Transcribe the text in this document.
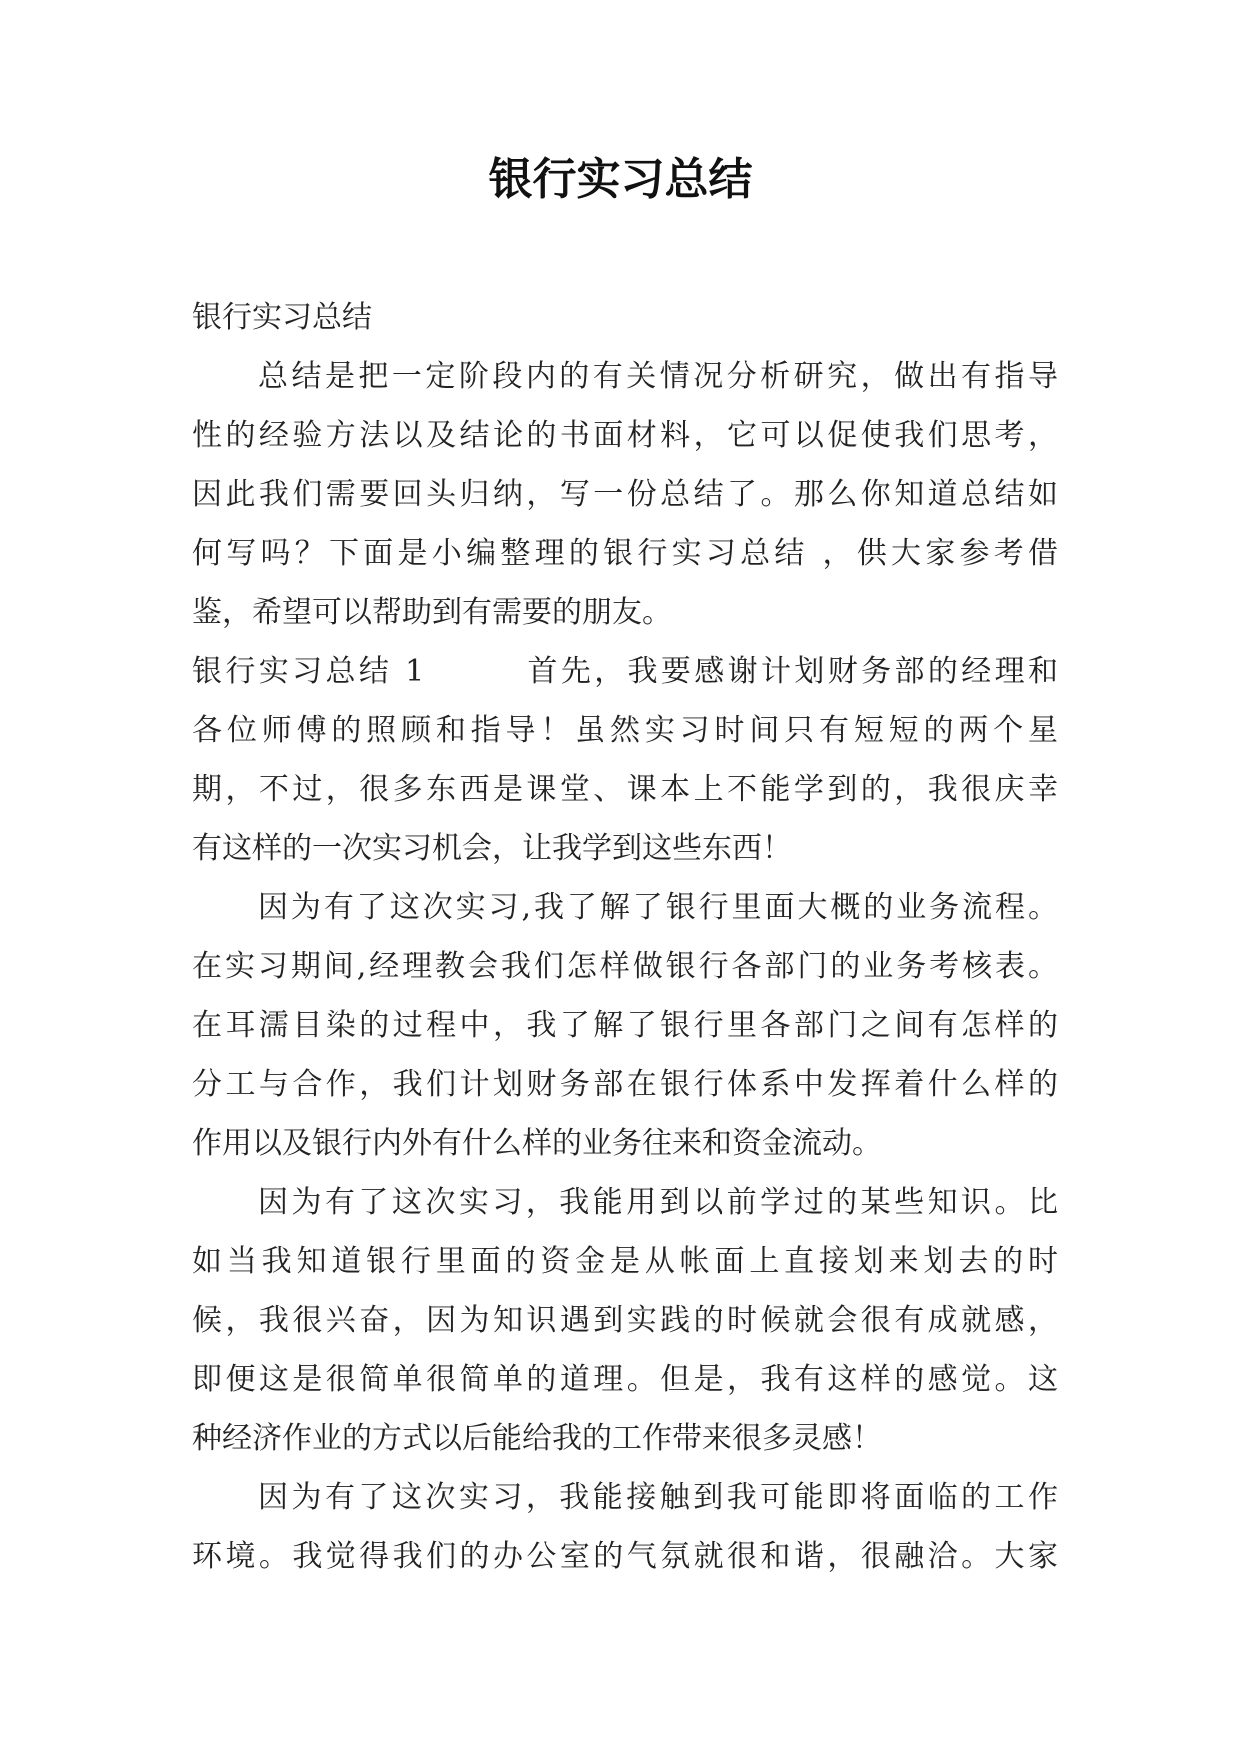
银行实习总结
银行实习总结
总结是把一定阶段内的有关情况分析研究，做出有指导
性的经验方法以及结论的书面材料，它可以促使我们思考，
因此我们需要回头归纳，写一份总结了。那么你知道总结如
何写吗？下面是小编整理的银行实习总结 ，供大家参考借
鉴，希望可以帮助到有需要的朋友。
银行实习总结 1        首先，我要感谢计划财务部的经理和
各位师傅的照顾和指导！虽然实习时间只有短短的两个星
期，不过，很多东西是课堂、课本上不能学到的，我很庆幸
有这样的一次实习机会，让我学到这些东西！
因为有了这次实习,我了解了银行里面大概的业务流程。
在实习期间,经理教会我们怎样做银行各部门的业务考核表。
在耳濡目染的过程中，我了解了银行里各部门之间有怎样的
分工与合作，我们计划财务部在银行体系中发挥着什么样的
作用以及银行内外有什么样的业务往来和资金流动。
因为有了这次实习，我能用到以前学过的某些知识。比
如当我知道银行里面的资金是从帐面上直接划来划去的时
候，我很兴奋，因为知识遇到实践的时候就会很有成就感，
即便这是很简单很简单的道理。但是，我有这样的感觉。这
种经济作业的方式以后能给我的工作带来很多灵感！
因为有了这次实习，我能接触到我可能即将面临的工作
环境。我觉得我们的办公室的气氛就很和谐，很融洽。大家
